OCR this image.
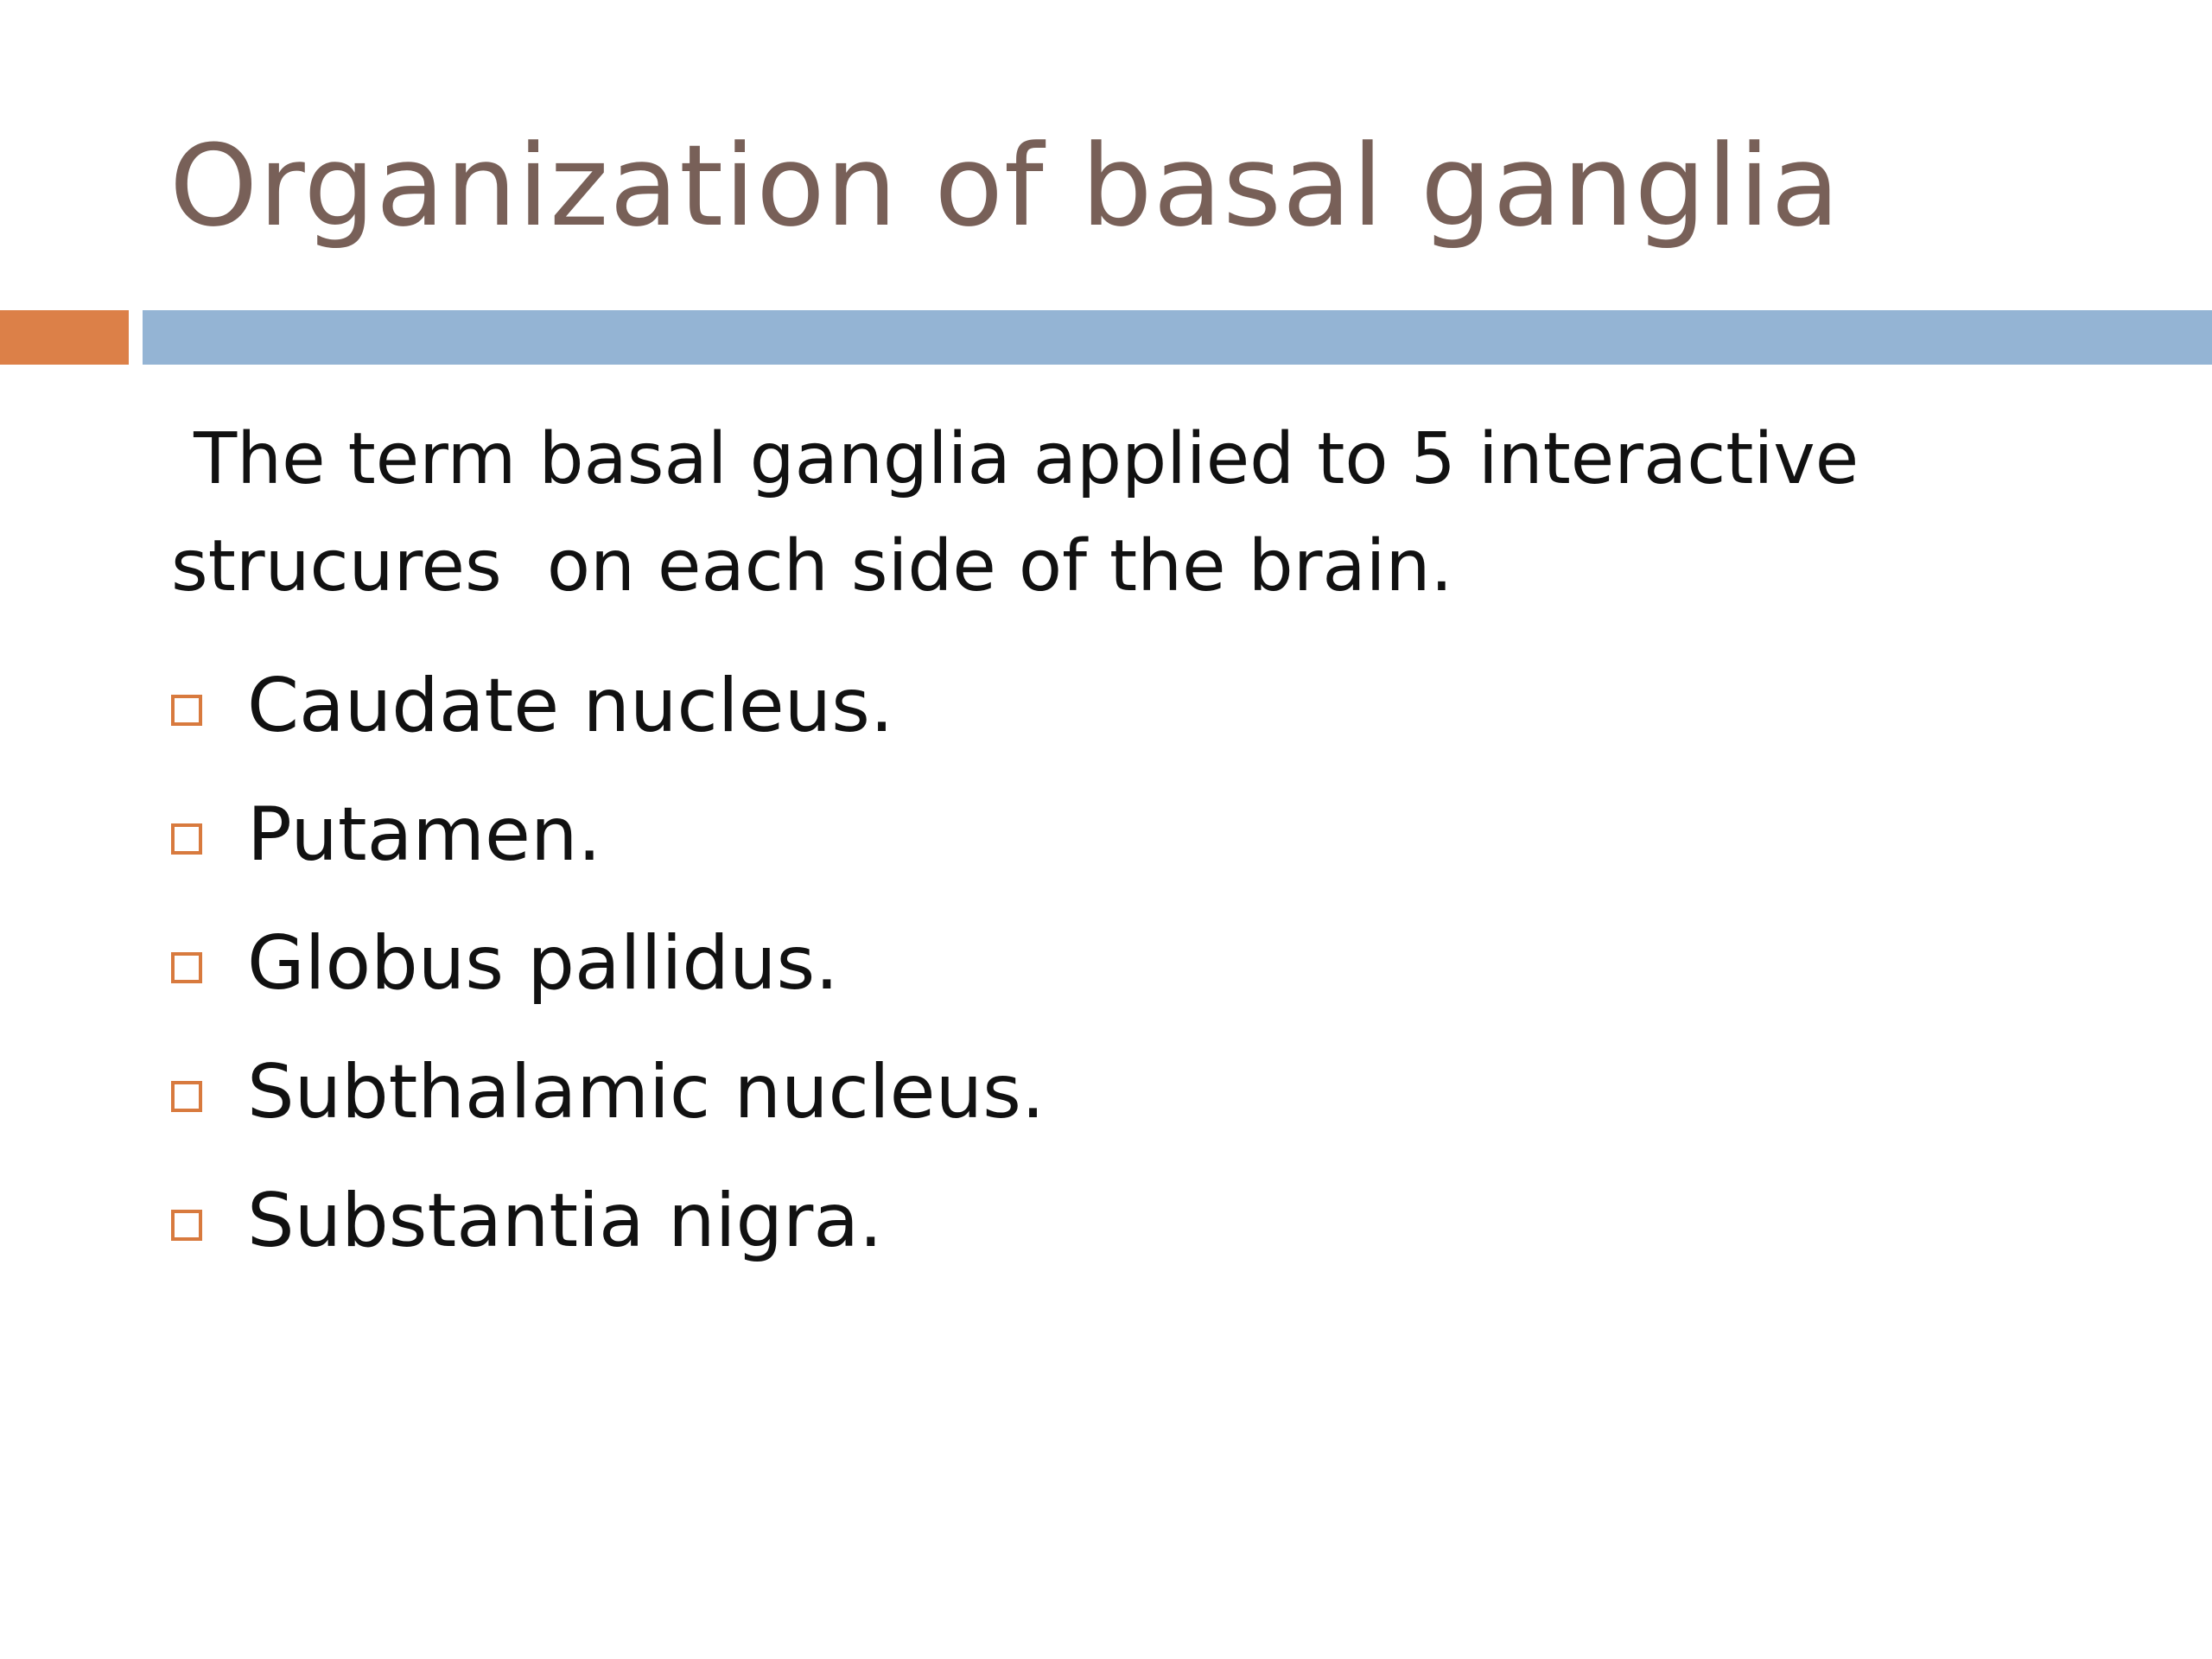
Organization of basal ganglia
The term basal ganglia applied to 5 interactive
strucures  on each side of the brain.
Caudate nucleus.
Putamen.
Globus pallidus.
Subthalamic nucleus.
Substantia nigra.
